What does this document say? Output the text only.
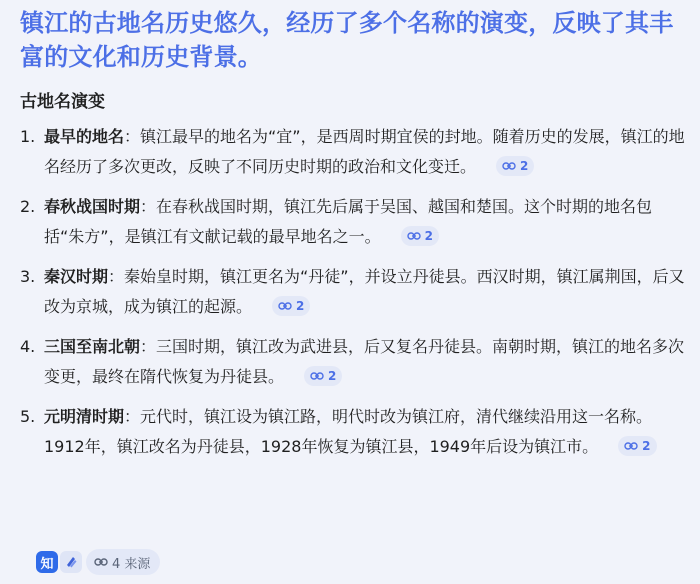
镇江的古地名历史悠久，经历了多个名称的演变，反映了其丰富的文化和历史背景。
古地名演变
1. 最早的地名：镇江最早的地名为“宜”，是西周时期宜侯的封地。随着历史的发展，镇江的地名经历了多次更改，反映了不同历史时期的政治和文化变迁。	2
2. 春秋战国时期：在春秋战国时期，镇江先后属于吴国、越国和楚国。这个时期的地名包括“朱方”，是镇江有文献记载的最早地名之一。	2
3. 秦汉时期：秦始皇时期，镇江更名为“丹徒”，并设立丹徒县。西汉时期，镇江属荆国，后又改为京城，成为镇江的起源。	2
4. 三国至南北朝：三国时期，镇江改为武进县，后又复名丹徒县。南朝时期，镇江的地名多次变更，最终在隋代恢复为丹徒县。	2
5. 元明清时期：元代时，镇江设为镇江路，明代时改为镇江府，清代继续沿用这一名称。1912年，镇江改名为丹徒县，1928年恢复为镇江县，1949年后设为镇江市。	2
知	4 来源
